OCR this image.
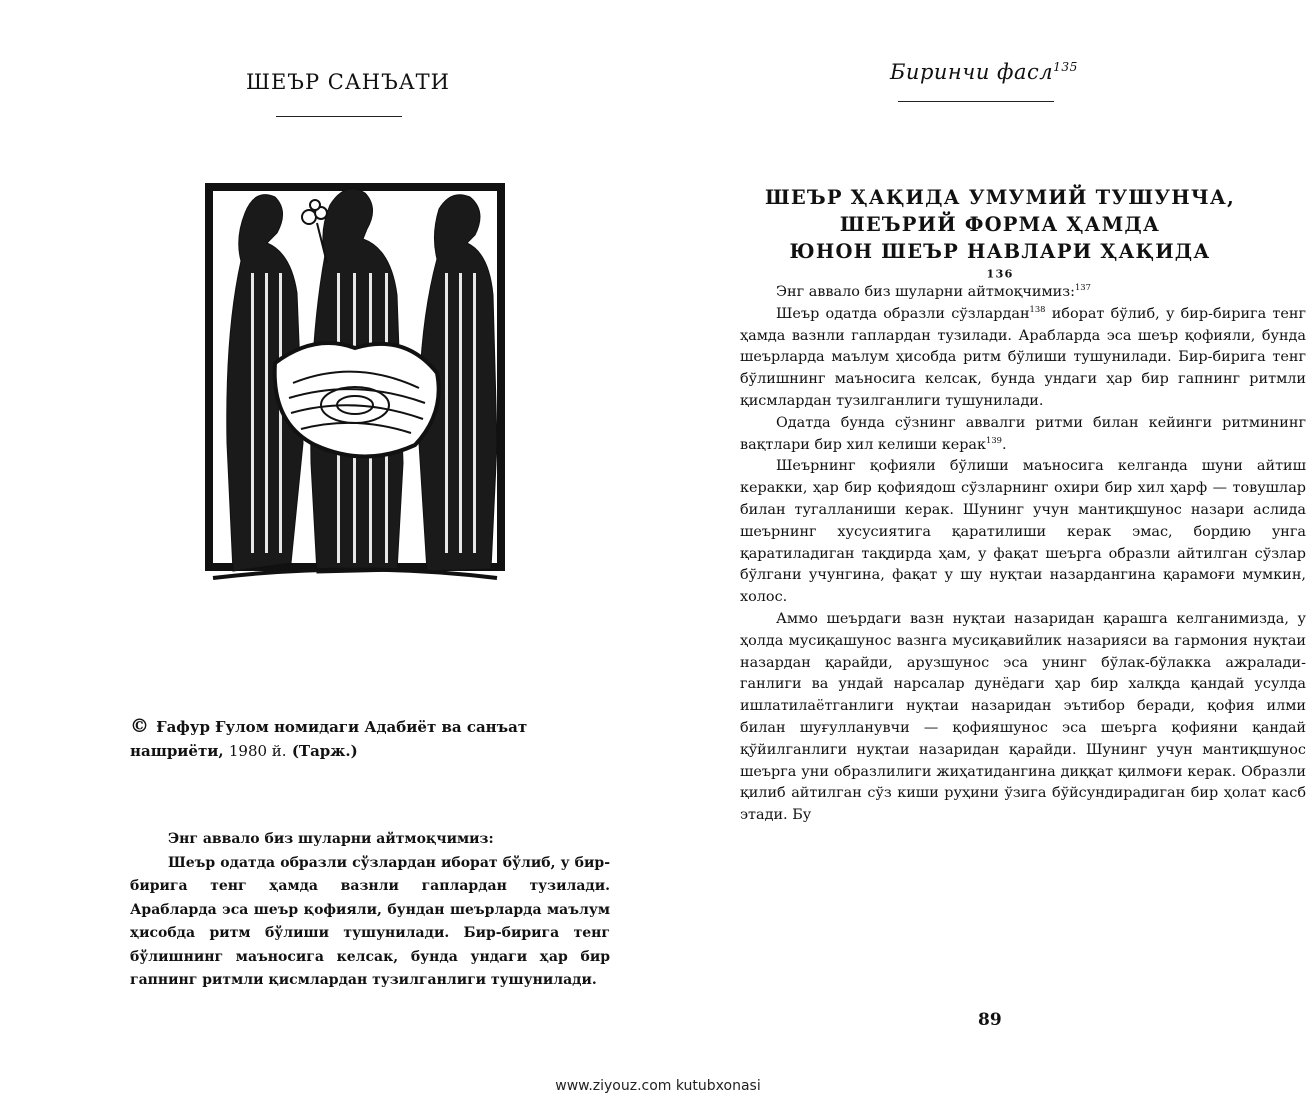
ШЕЪР САНЪАТИ
© Ғафур Ғулом номидаги Адабиёт ва санъат нашриёти, 1980 й. (Тарж.)

Энг аввало биз шуларни айтмоқчимиз:

Шеър одатда образли сўзлардан иборат бўлиб, у бир-бирига тенг ҳамда вазнли гаплардан тузилади. Арабларда эса шеър қофияли, бундан шеърларда маълум ҳисобда ритм бўлиши тушунилади. Бир-бирига тенг бўлишнинг маъносига келсак, бунда ундаги ҳар бир гапнинг ритмли қисмлардан тузилганлиги тушунилади.

Биринчи фасл$^{135}$
ШЕЪР ҲАҚИДА УМУМИЙ ТУШУНЧА,
ШЕЪРИЙ ФОРМА ҲАМДА
ЮНОН ШЕЪР НАВЛАРИ ҲАҚИДА
$^{136}$

Энг аввало биз шуларни айтмоқчимиз:$^{137}$

Шеър одатда образли сўзлардан$^{138}$ иборат бўлиб, у бир-бирига тенг ҳамда вазнли гаплардан тузилади. Арабларда эса шеър қофияли, бунда шеърларда маълум ҳисобда ритм бўлиши тушунилади. Бир-бирига тенг бўлишнинг маъносига келсак, бунда ундаги ҳар бир гапнинг ритмли қисмлардан тузилганлиги тушунилади.

Одатда бунда сўзнинг аввалги ритми билан кейинги ритмининг вақтлари бир хил келиши керак$^{139}$.

Шеърнинг қофияли бўлиши маъносига келганда шуни айтиш керакки, ҳар бир қофиядош сўзларнинг охири бир хил ҳарф — товушлар билан тугалланиши керак. Шунинг учун мантиқшунос назари аслида шеърнинг хусусиятига қаратилиши керак эмас, бордию унга қаратиладиган тақдирда ҳам, у фақат шеърга образли айтилган сўзлар бўлгани учунгина, фақат у шу нуқтаи назардангина қарамоғи мумкин, холос.

Аммо шеърдаги вазн нуқтаи назаридан қарашга келганимизда, у ҳолда мусиқашунос вазнга мусиқавийлик назарияси ва гармония нуқтаи назардан қарайди, арузшунос эса унинг бўлак-бўлакка ажралади-ганлиги ва ундай нарсалар дунёдаги ҳар бир халқда қандай усулда ишлатилаётганлиги нуқтаи назаридан эътибор беради, қофия илми билан шуғулланувчи — қофияшунос эса шеърга қофияни қандай қўйилганлиги нуқтаи назаридан қарайди. Шунинг учун мантиқшунос шеърга уни образлилиги жиҳатидангина диққат қилмоғи керак. Образли қилиб айтилган сўз киши руҳини ўзига бўйсундирадиган бир ҳолат касб этади. Бу

89
www.ziyouz.com kutubxonasi
